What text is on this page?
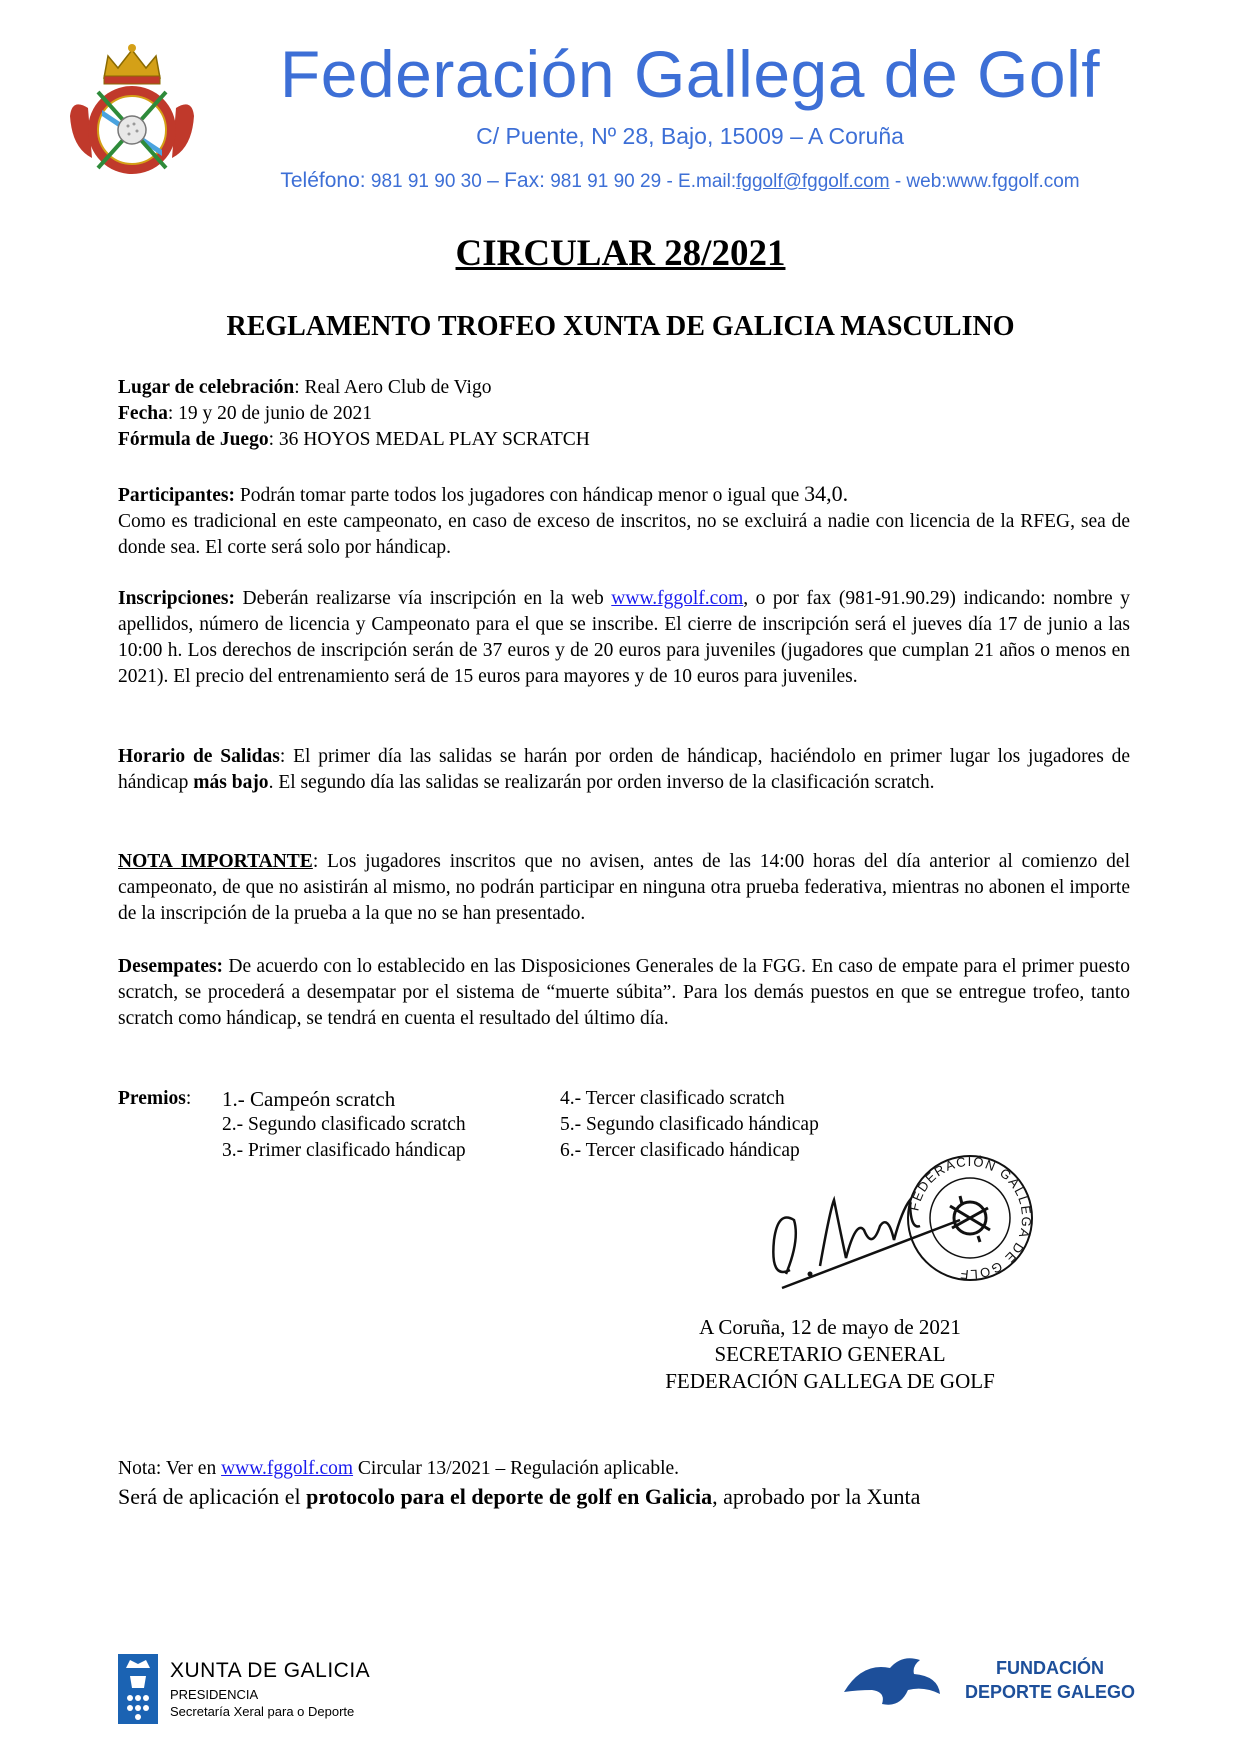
Federación Gallega de Golf
C/ Puente, Nº 28, Bajo, 15009 – A Coruña
Teléfono: 981 91 90 30 – Fax: 981 91 90 29 - E.mail:fggolf@fggolf.com - web:www.fggolf.com
CIRCULAR 28/2021
REGLAMENTO TROFEO XUNTA DE GALICIA MASCULINO

Lugar de celebración: Real Aero Club de Vigo

Fecha: 19 y 20 de junio de 2021

Fórmula de Juego: 36 HOYOS MEDAL PLAY SCRATCH

Participantes: Podrán tomar parte todos los jugadores con hándicap menor o igual que 34,0.

Como es tradicional en este campeonato, en caso de exceso de inscritos, no se excluirá a nadie con licencia de la RFEG, sea de donde sea. El corte será solo por hándicap.

Inscripciones: Deberán realizarse vía inscripción en la web www.fggolf.com, o por fax (981-91.90.29) indicando: nombre y apellidos, número de licencia y Campeonato para el que se inscribe. El cierre de inscripción será el jueves día 17 de junio a las 10:00 h. Los derechos de inscripción serán de 37 euros y de 20 euros para juveniles (jugadores que cumplan 21 años o menos en 2021). El precio del entrenamiento será de 15 euros para mayores y de 10 euros para juveniles.

Horario de Salidas: El primer día las salidas se harán por orden de hándicap, haciéndolo en primer lugar los jugadores de hándicap más bajo. El segundo día las salidas se realizarán por orden inverso de la clasificación scratch.

NOTA IMPORTANTE: Los jugadores inscritos que no avisen, antes de las 14:00 horas del día anterior al comienzo del campeonato, de que no asistirán al mismo, no podrán participar en ninguna otra prueba federativa, mientras no abonen el importe de la inscripción de la prueba a la que no se han presentado.

Desempates: De acuerdo con lo establecido en las Disposiciones Generales de la FGG. En caso de empate para el primer puesto scratch, se procederá a desempatar por el sistema de “muerte súbita”. Para los demás puestos en que se entregue trofeo, tanto scratch como hándicap, se tendrá en cuenta el resultado del último día.

Premios: 1.- Campeón scratch
2.- Segundo clasificado scratch
3.- Primer clasificado hándicap
4.- Tercer clasificado scratch
5.- Segundo clasificado hándicap
6.- Tercer clasificado hándicap
FEDERACIÓN GALLEGA DE GOLF
A Coruña, 12 de mayo de 2021
SECRETARIO GENERAL
FEDERACIÓN GALLEGA DE GOLF
Nota: Ver en www.fggolf.com Circular 13/2021 – Regulación aplicable.
Será de aplicación el protocolo para el deporte de golf en Galicia, aprobado por la Xunta
XUNTA DE GALICIA
PRESIDENCIA
Secretaría Xeral para o Deporte
FUNDACIÓN
DEPORTE GALEGO
